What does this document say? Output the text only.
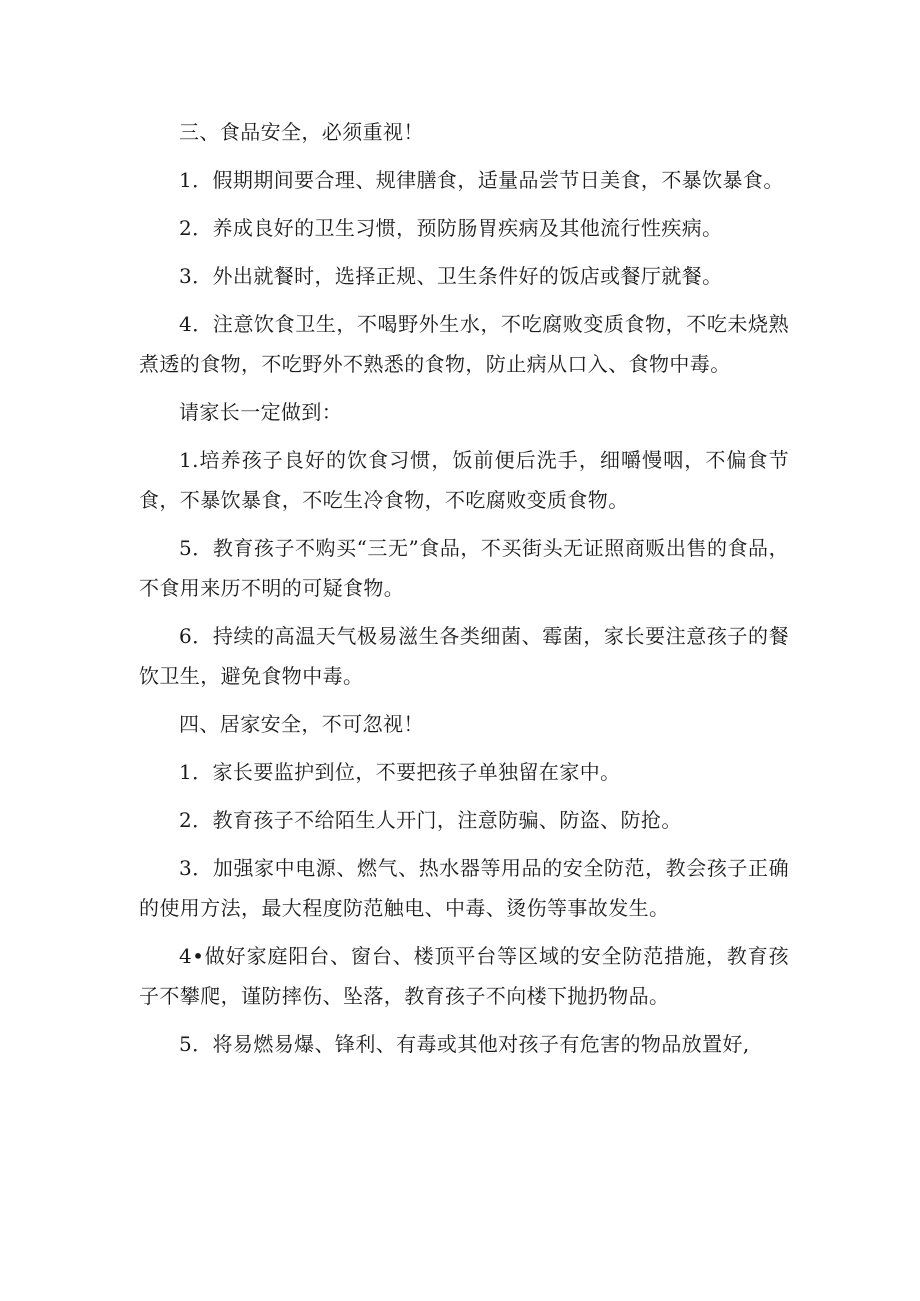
三、食品安全，必须重视！

1．假期期间要合理、规律膳食，适量品尝节日美食，不暴饮暴食。

2．养成良好的卫生习惯，预防肠胃疾病及其他流行性疾病。

3．外出就餐时，选择正规、卫生条件好的饭店或餐厅就餐。

4．注意饮食卫生，不喝野外生水，不吃腐败变质食物，不吃未烧熟煮透的食物，不吃野外不熟悉的食物，防止病从口入、食物中毒。

请家长一定做到：

1.培养孩子良好的饮食习惯，饭前便后洗手，细嚼慢咽，不偏食节食，不暴饮暴食，不吃生冷食物，不吃腐败变质食物。

5．教育孩子不购买“三无”食品，不买街头无证照商贩出售的食品，不食用来历不明的可疑食物。

6．持续的高温天气极易滋生各类细菌、霉菌，家长要注意孩子的餐饮卫生，避免食物中毒。

四、居家安全，不可忽视！

1．家长要监护到位，不要把孩子单独留在家中。

2．教育孩子不给陌生人开门，注意防骗、防盗、防抢。

3．加强家中电源、燃气、热水器等用品的安全防范，教会孩子正确的使用方法，最大程度防范触电、中毒、烫伤等事故发生。

4•做好家庭阳台、窗台、楼顶平台等区域的安全防范措施，教育孩子不攀爬，谨防摔伤、坠落，教育孩子不向楼下抛扔物品。

5．将易燃易爆、锋利、有毒或其他对孩子有危害的物品放置好,
